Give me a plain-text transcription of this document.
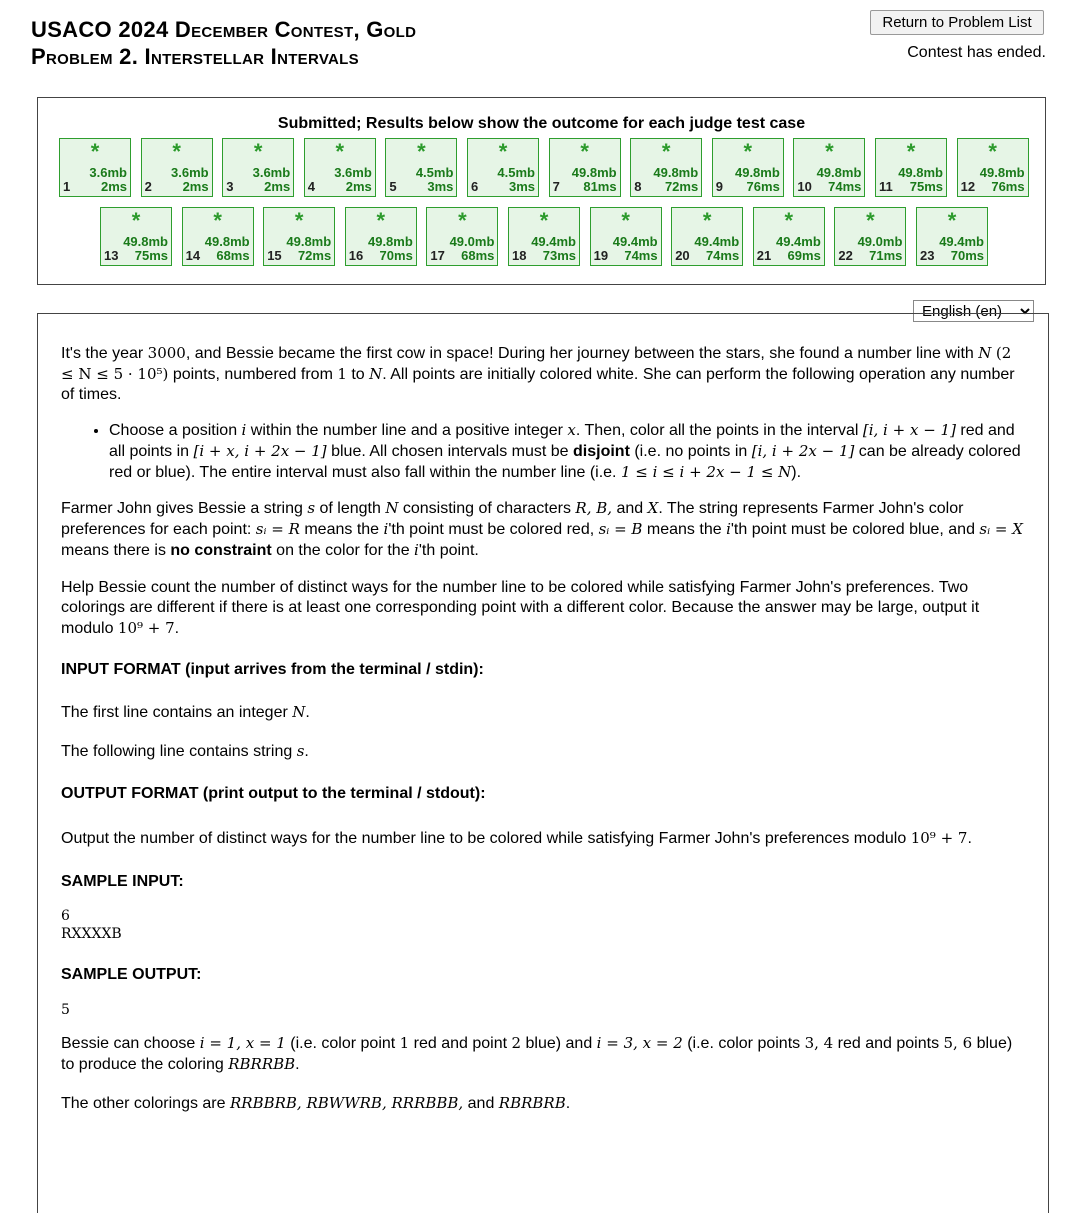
USACO 2024 December Contest, Gold
Problem 2. Interstellar Intervals
Return to Problem List
Contest has ended.
Submitted; Results below show the outcome for each judge test case
*
3.6mb
1 2ms
*
3.6mb
2 2ms
*
3.6mb
3 2ms
*
3.6mb
4 2ms
*
4.5mb
5 3ms
*
4.5mb
6 3ms
*
49.8mb
7 81ms
*
49.8mb
8 72ms
*
49.8mb
9 76ms
*
49.8mb
10 74ms
*
49.8mb
11 75ms
*
49.8mb
12 76ms
*
49.8mb
13 75ms
*
49.8mb
14 68ms
*
49.8mb
15 72ms
*
49.8mb
16 70ms
*
49.0mb
17 68ms
*
49.4mb
18 73ms
*
49.4mb
19 74ms
*
49.4mb
20 74ms
*
49.4mb
21 69ms
*
49.0mb
22 71ms
*
49.4mb
23 70ms
English (en)

It's the year 3000, and Bessie became the first cow in space! During her journey between the stars, she found a number line with N (2 ≤ N ≤ 5 · 10⁵) points, numbered from 1 to N. All points are initially colored white. She can perform the following operation any number of times.

• Choose a position i within the number line and a positive integer x. Then, color all the points in the interval [i, i + x − 1] red and all points in [i + x, i + 2x − 1] blue. All chosen intervals must be disjoint (i.e. no points in [i, i + 2x − 1] can be already colored red or blue). The entire interval must also fall within the number line (i.e. 1 ≤ i ≤ i + 2x − 1 ≤ N).

Farmer John gives Bessie a string s of length N consisting of characters R, B, and X. The string represents Farmer John's color preferences for each point: sᵢ = R means the i'th point must be colored red, sᵢ = B means the i'th point must be colored blue, and sᵢ = X means there is no constraint on the color for the i'th point.

Help Bessie count the number of distinct ways for the number line to be colored while satisfying Farmer John's preferences. Two colorings are different if there is at least one corresponding point with a different color. Because the answer may be large, output it modulo 10⁹ + 7.

INPUT FORMAT (input arrives from the terminal / stdin):

The first line contains an integer N.

The following line contains string s.

OUTPUT FORMAT (print output to the terminal / stdout):

Output the number of distinct ways for the number line to be colored while satisfying Farmer John's preferences modulo 10⁹ + 7.

SAMPLE INPUT:

6
RXXXXB

SAMPLE OUTPUT:

5

Bessie can choose i = 1, x = 1 (i.e. color point 1 red and point 2 blue) and i = 3, x = 2 (i.e. color points 3, 4 red and points 5, 6 blue) to produce the coloring RBRRBB.

The other colorings are RRBBRB, RBWWRB, RRRBBB, and RBRBRB.
